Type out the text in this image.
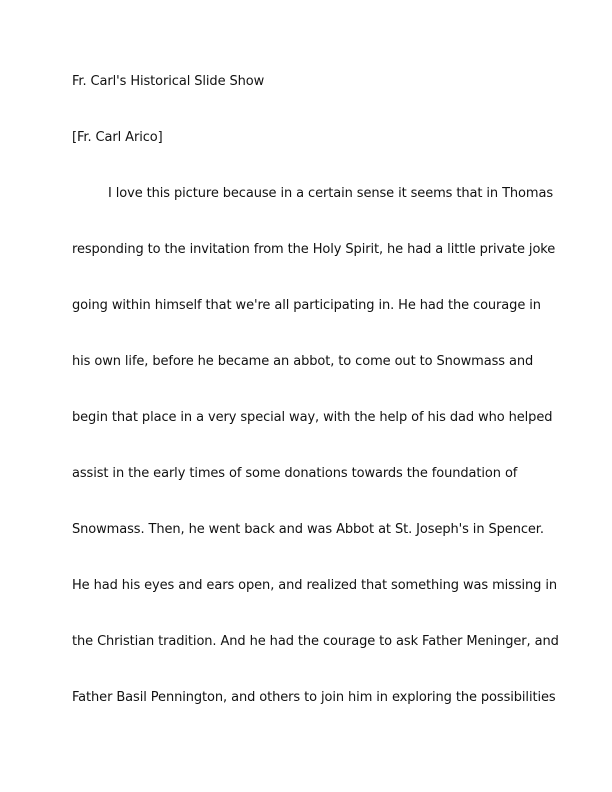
Fr. Carl's Historical Slide Show
[Fr. Carl Arico]
I love this picture because in a certain sense it seems that in Thomas
responding to the invitation from the Holy Spirit, he had a little private joke
going within himself that we're all participating in. He had the courage in
his own life, before he became an abbot, to come out to Snowmass and
begin that place in a very special way, with the help of his dad who helped
assist in the early times of some donations towards the foundation of
Snowmass. Then, he went back and was Abbot at St. Joseph's in Spencer.
He had his eyes and ears open, and realized that something was missing in
the Christian tradition. And he had the courage to ask Father Meninger, and
Father Basil Pennington, and others to join him in exploring the possibilities
